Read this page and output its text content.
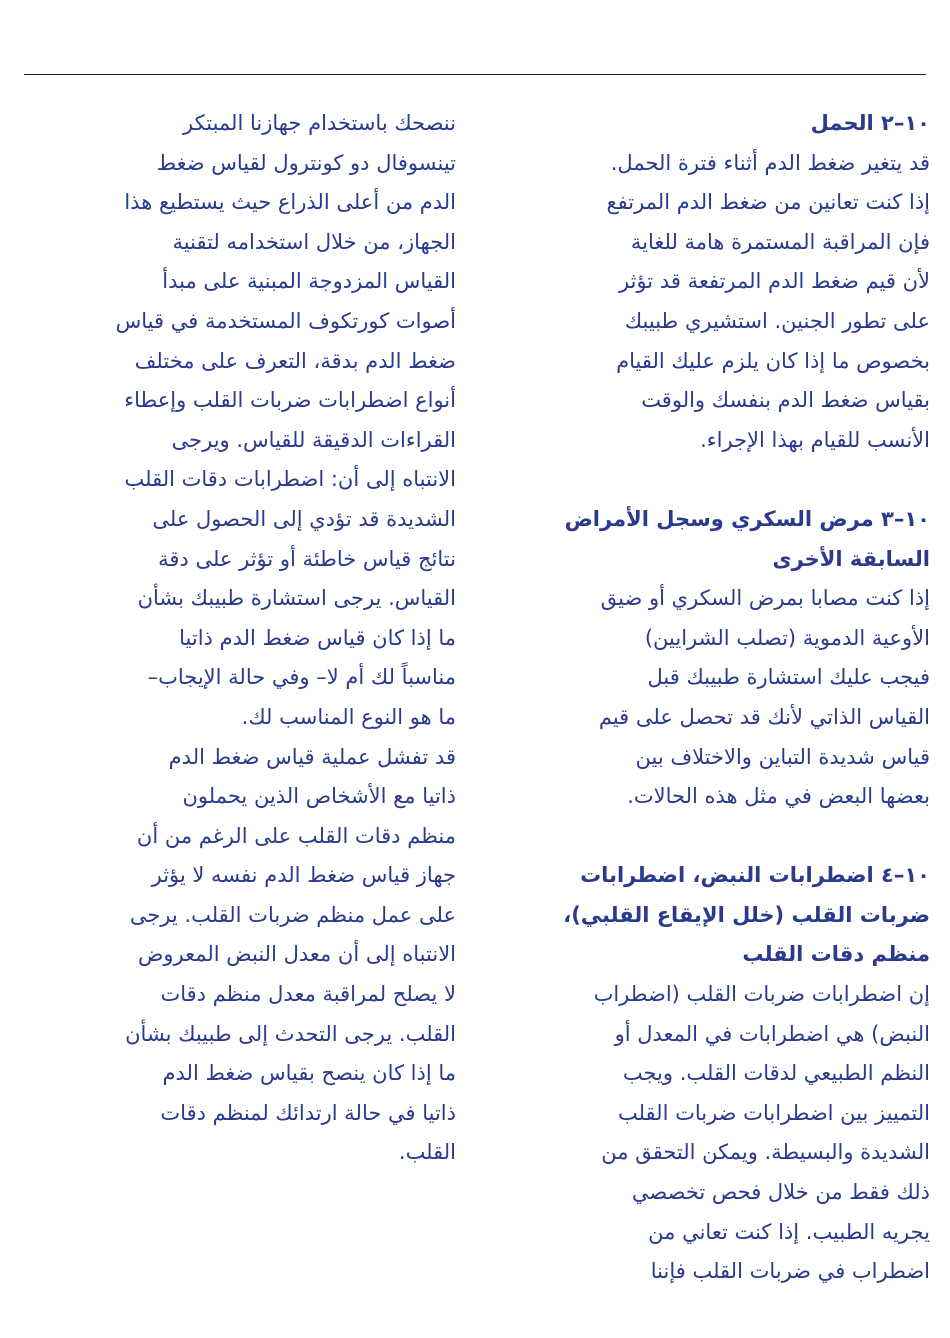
١٠–٢ الحمل
قد يتغير ضغط الدم أثناء فترة الحمل.
إذا كنت تعانين من ضغط الدم المرتفع
فإن المراقبة المستمرة هامة للغاية
لأن قيم ضغط الدم المرتفعة قد تؤثر
على تطور الجنين. استشيري طبيبك
بخصوص ما إذا كان يلزم عليك القيام
بقياس ضغط الدم بنفسك والوقت
الأنسب للقيام بهذا الإجراء.
١٠–٣ مرض السكري وسجل الأمراض
السابقة الأخرى
إذا كنت مصابا بمرض السكري أو ضيق
الأوعية الدموية (تصلب الشرايين)
فيجب عليك استشارة طبيبك قبل
القياس الذاتي لأنك قد تحصل على قيم
قياس شديدة التباين والاختلاف بين
بعضها البعض في مثل هذه الحالات.
١٠–٤ اضطرابات النبض، اضطرابات
ضربات القلب (خلل الإيقاع القلبي)،
منظم دقات القلب
إن اضطرابات ضربات القلب (اضطراب
النبض) هي اضطرابات في المعدل أو
النظم الطبيعي لدقات القلب. ويجب
التمييز بين اضطرابات ضربات القلب
الشديدة والبسيطة. ويمكن التحقق من
ذلك فقط من خلال فحص تخصصي
يجريه الطبيب. إذا كنت تعاني من
اضطراب في ضربات القلب فإننا
ننصحك باستخدام جهازنا المبتكر
تينسوفال دو كونترول لقياس ضغط
الدم من أعلى الذراع حيث يستطيع هذا
الجهاز، من خلال استخدامه لتقنية
القياس المزدوجة المبنية على مبدأ
أصوات كورتكوف المستخدمة في قياس
ضغط الدم بدقة، التعرف على مختلف
أنواع اضطرابات ضربات القلب وإعطاء
القراءات الدقيقة للقياس. ويرجى
الانتباه إلى أن: اضطرابات دقات القلب
الشديدة قد تؤدي إلى الحصول على
نتائج قياس خاطئة أو تؤثر على دقة
القياس. يرجى استشارة طبيبك بشأن
ما إذا كان قياس ضغط الدم ذاتيا
مناسباً لك أم لا– وفي حالة الإيجاب–
ما هو النوع المناسب لك.
قد تفشل عملية قياس ضغط الدم
ذاتيا مع الأشخاص الذين يحملون
منظم دقات القلب على الرغم من أن
جهاز قياس ضغط الدم نفسه لا يؤثر
على عمل منظم ضربات القلب. يرجى
الانتباه إلى أن معدل النبض المعروض
لا يصلح لمراقبة معدل منظم دقات
القلب. يرجى التحدث إلى طبيبك بشأن
ما إذا كان ينصح بقياس ضغط الدم
ذاتيا في حالة ارتدائك لمنظم دقات
القلب.
